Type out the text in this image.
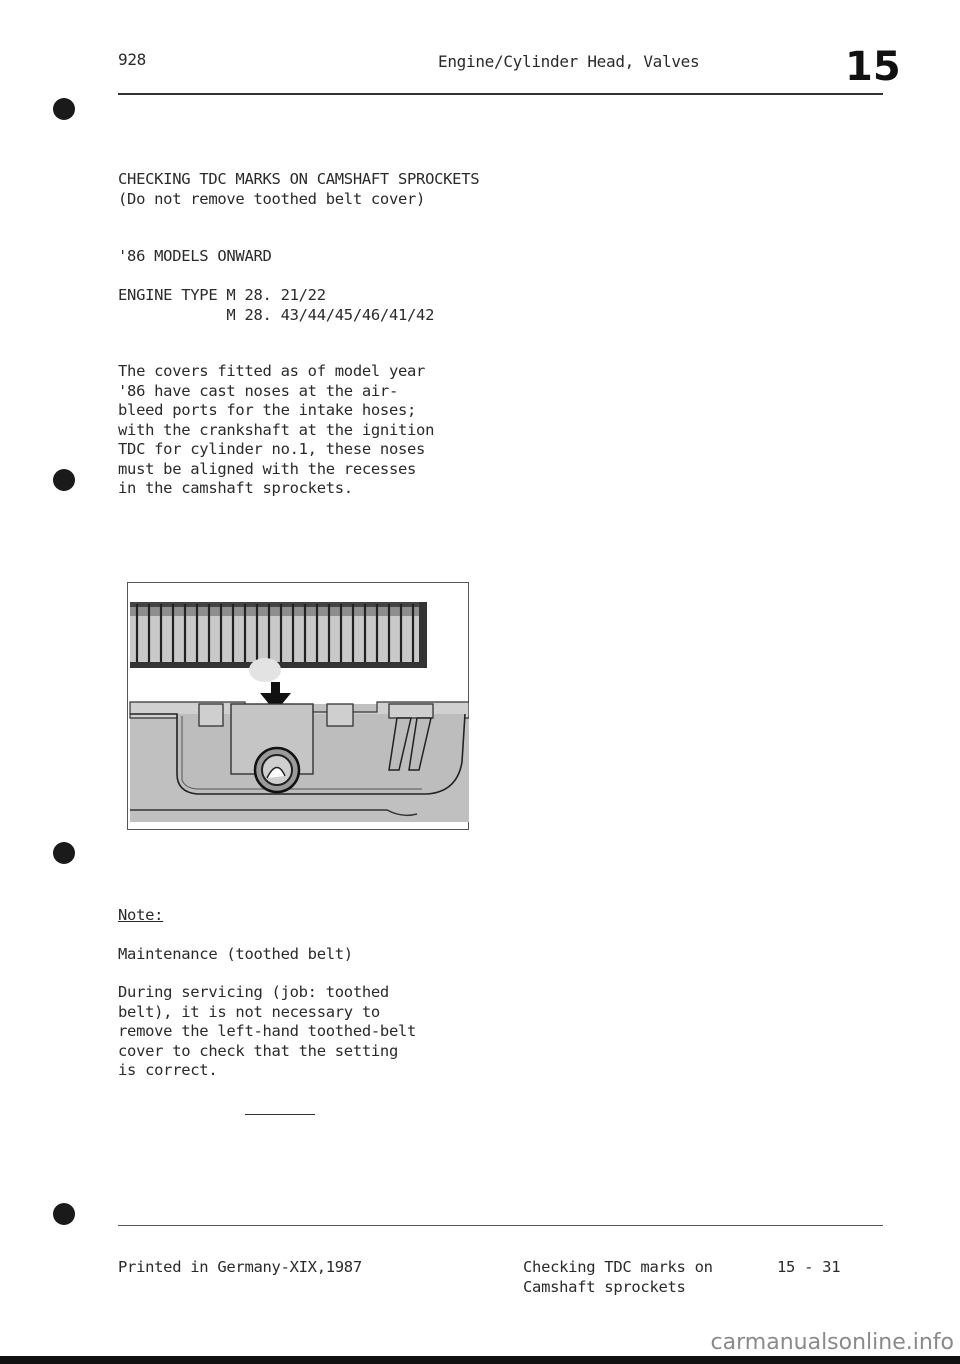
928	Engine/Cylinder Head, Valves	15
CHECKING TDC MARKS ON CAMSHAFT SPROCKETS
(Do not remove toothed belt cover)
'86 MODELS ONWARD
ENGINE TYPE M 28. 21/22
M 28. 43/44/45/46/41/42
The covers fitted as of model year
'86 have cast noses at the air-
bleed ports for the intake hoses;
with the crankshaft at the ignition
TDC for cylinder no.1, these noses
must be aligned with the recesses
in the camshaft sprockets.
Note:
Maintenance (toothed belt)
During servicing (job: toothed
belt), it is not necessary to
remove the left-hand toothed-belt
cover to check that the setting
is correct.
Printed in Germany-XIX,1987	Checking TDC marks on
Camshaft sprockets
15 - 31
carmanualsonline.info
